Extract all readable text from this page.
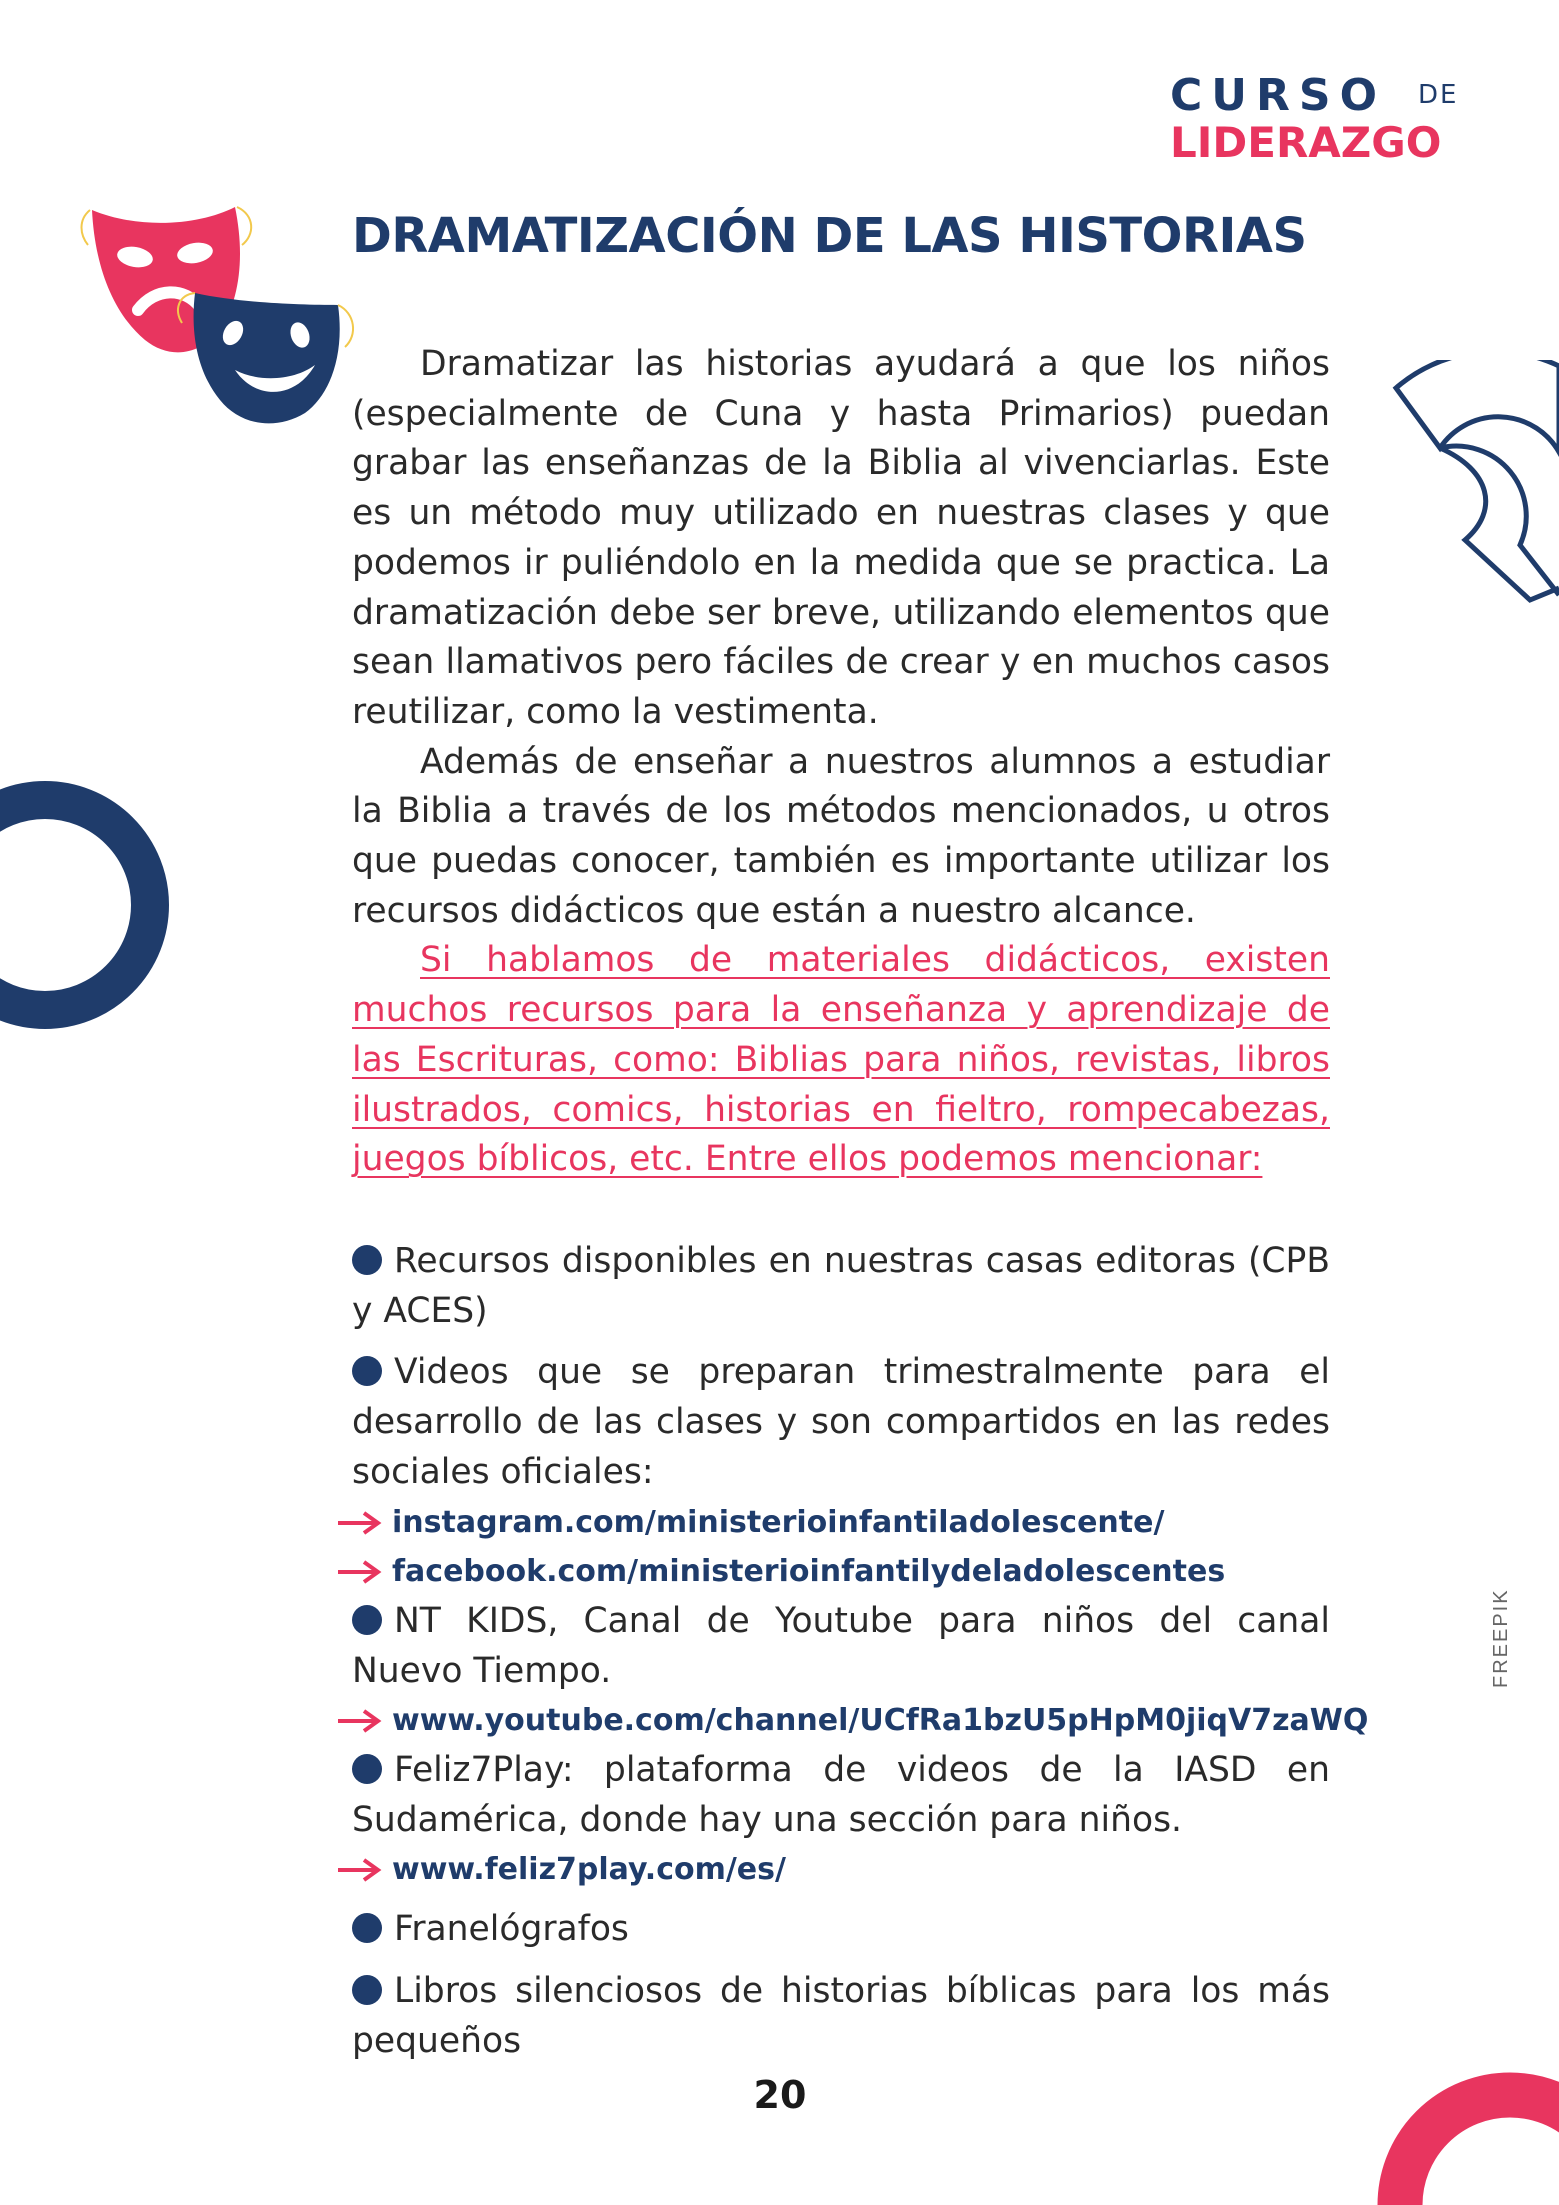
CURSO DE
LIDERAZGO
DRAMATIZACIÓN DE LAS HISTORIAS

Dramatizar las historias ayudará a que los niños (especialmente de Cuna y hasta Primarios) puedan grabar las enseñanzas de la Biblia al vivenciarlas. Este es un método muy utilizado en nuestras clases y que podemos ir puliéndolo en la medida que se practica. La dramatización debe ser breve, utilizando elementos que sean llamativos pero fáciles de crear y en muchos casos reutilizar, como la vestimenta.

Además de enseñar a nuestros alumnos a estudiar la Biblia a través de los métodos mencionados, u otros que puedas conocer, también es importante utilizar los recursos didácticos que están a nuestro alcance.

Si hablamos de materiales didácticos, existen muchos recursos para la enseñanza y aprendizaje de las Escrituras, como: Biblias para niños, revistas, libros ilustrados, comics, historias en fieltro, rompecabezas, juegos bíblicos, etc. Entre ellos podemos mencionar:

Recursos disponibles en nuestras casas editoras (CPB y ACES)
Videos que se preparan trimestralmente para el desarrollo de las clases y son compartidos en las redes sociales oficiales:
instagram.com/ministerioinfantiladolescente/
facebook.com/ministerioinfantilydeladolescentes
NT KIDS, Canal de Youtube para niños del canal Nuevo Tiempo.
www.youtube.com/channel/UCfRa1bzU5pHpM0jiqV7zaWQ
Feliz7Play: plataforma de videos de la IASD en Sudamérica, donde hay una sección para niños.
www.feliz7play.com/es/
Franelógrafos
Libros silenciosos de historias bíblicas para los más pequeños
20
FREEPIK
